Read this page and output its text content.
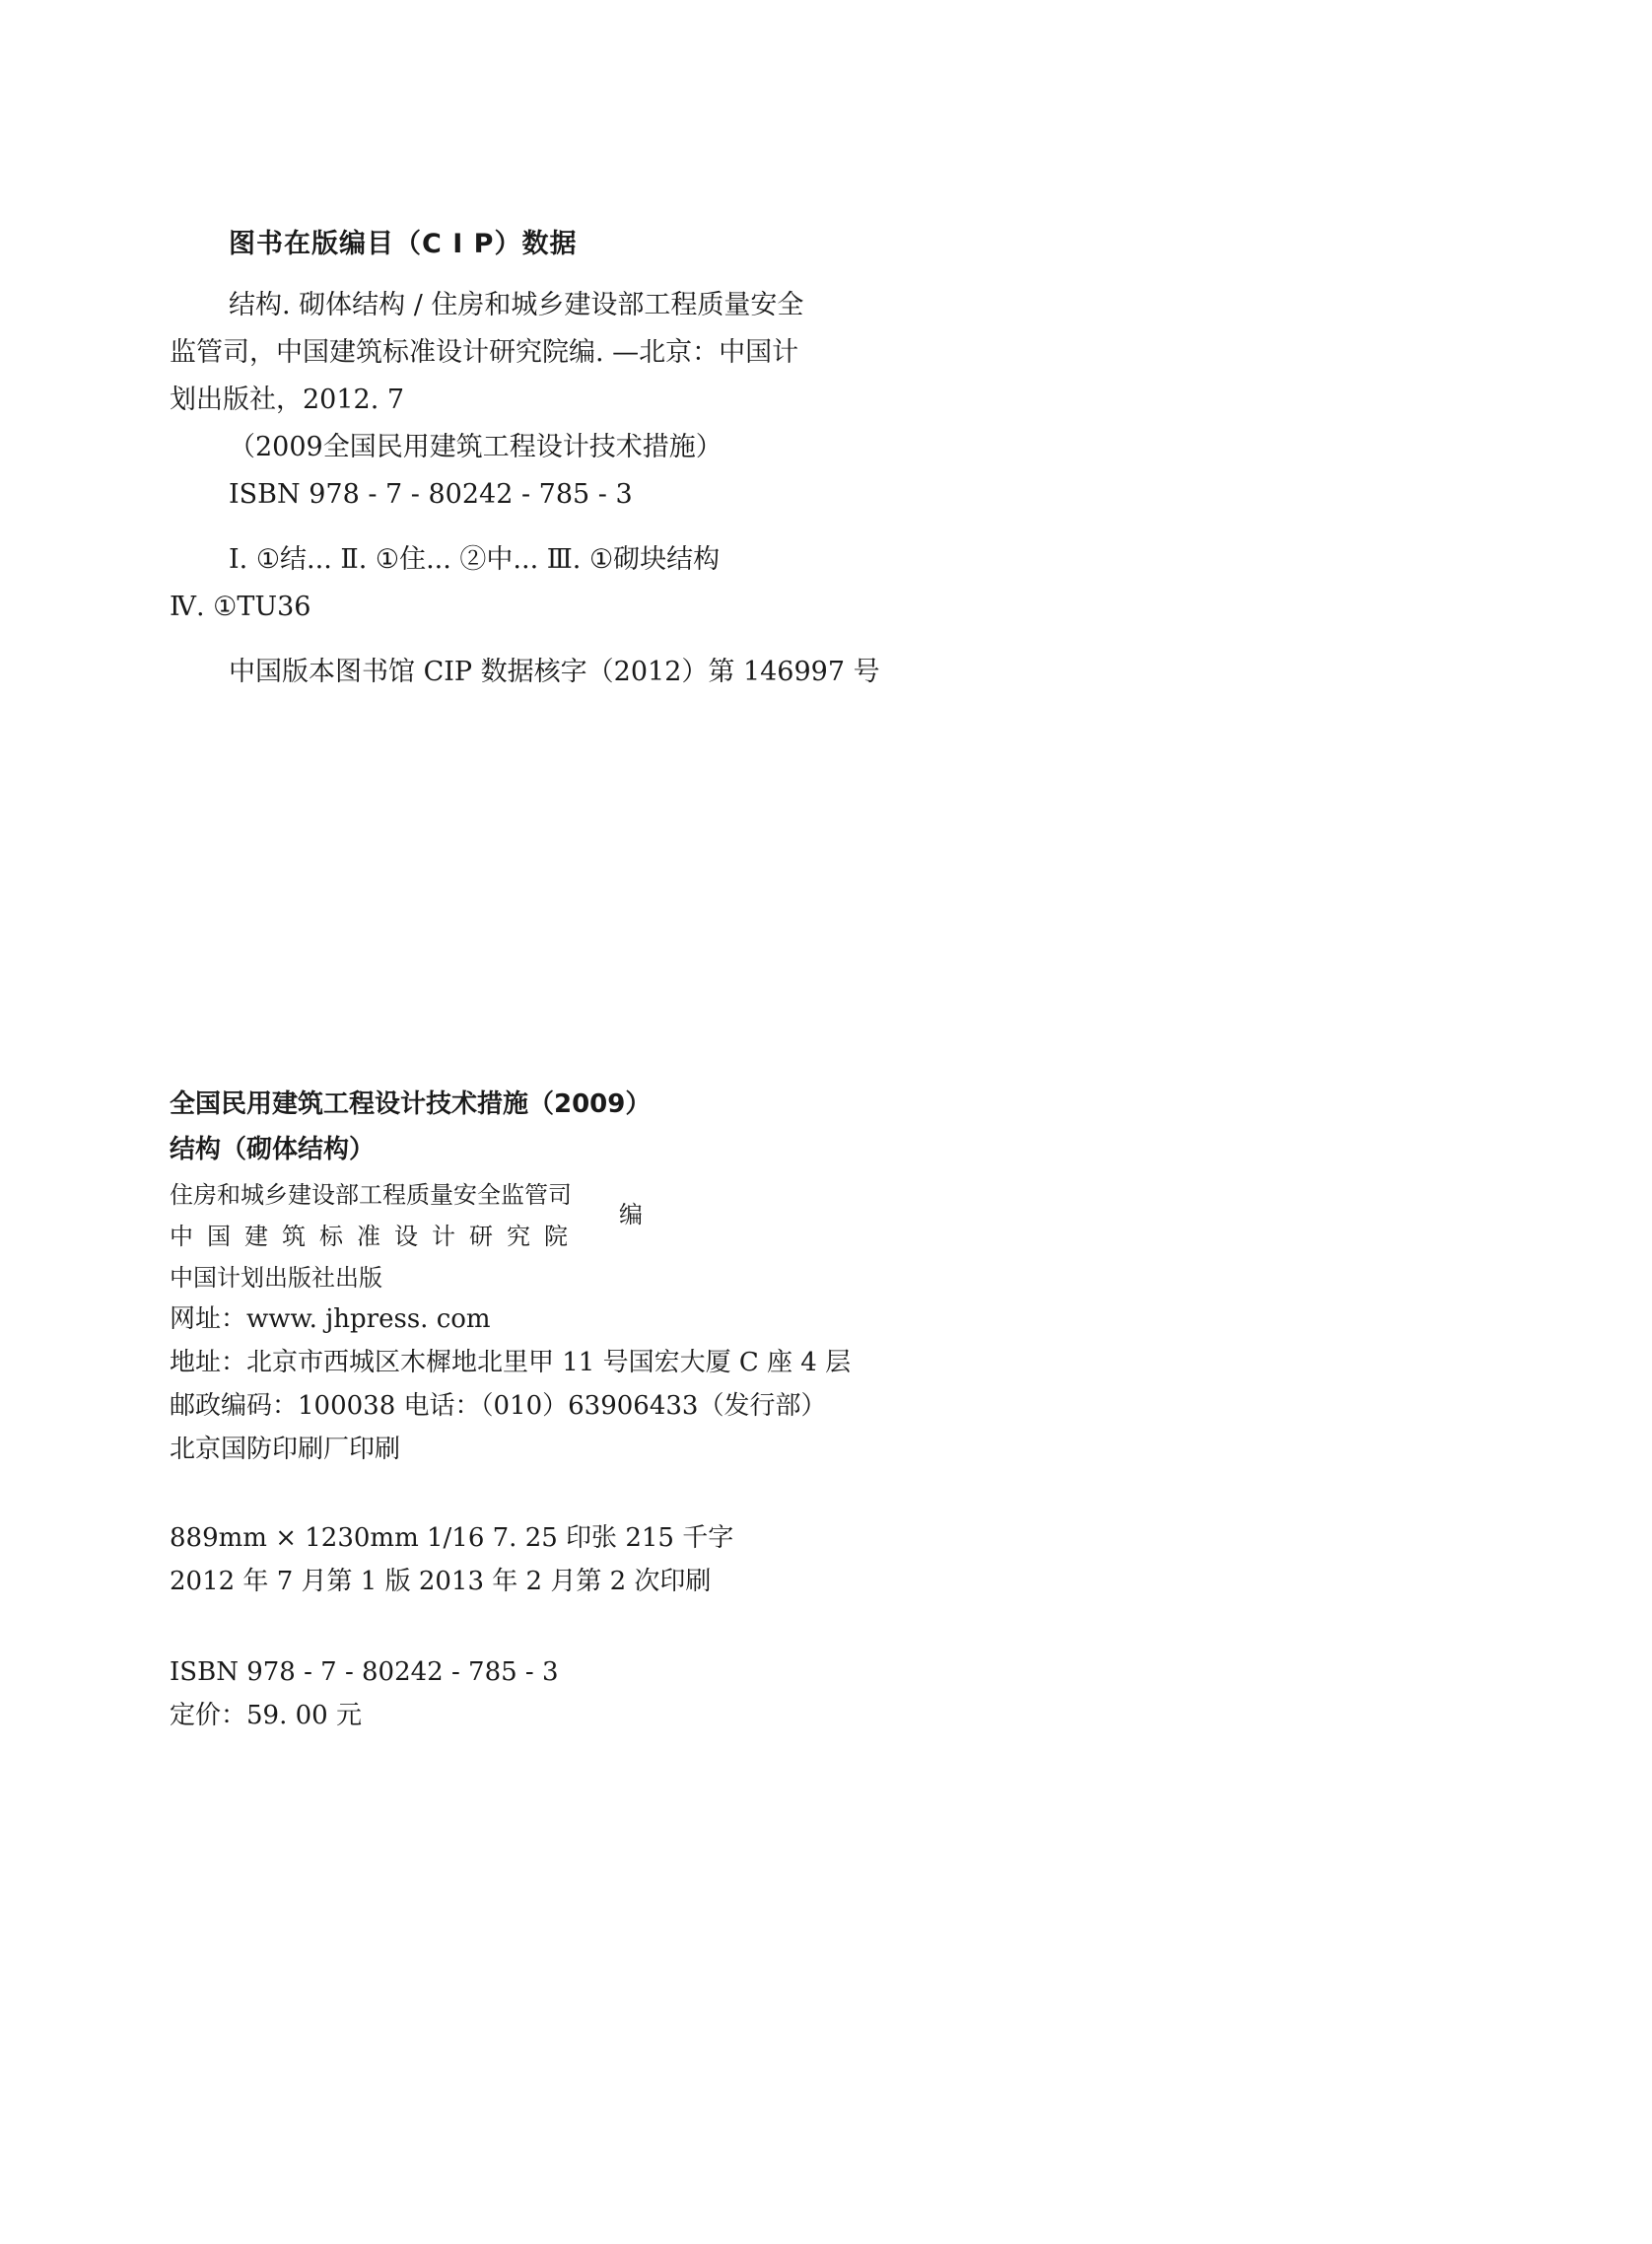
图书在版编目（C I P）数据
结构. 砌体结构 / 住房和城乡建设部工程质量安全
监管司，中国建筑标准设计研究院编. —北京：中国计
划出版社，2012. 7
（2009全国民用建筑工程设计技术措施）
ISBN 978 - 7 - 80242 - 785 - 3
Ⅰ. ①结... Ⅱ. ①住... ②中... Ⅲ. ①砌块结构
Ⅳ. ①TU36
中国版本图书馆 CIP 数据核字（2012）第 146997 号
全国民用建筑工程设计技术措施（2009）
结构（砌体结构）
住房和城乡建设部工程质量安全监管司
中国建筑标准设计研究院
编
中国计划出版社出版
网址：www. jhpress. com
地址：北京市西城区木樨地北里甲 11 号国宏大厦 C 座 4 层
邮政编码：100038 电话：（010）63906433（发行部）
北京国防印刷厂印刷
889mm × 1230mm 1/16 7. 25 印张 215 千字
2012 年 7 月第 1 版 2013 年 2 月第 2 次印刷
ISBN 978 - 7 - 80242 - 785 - 3
定价：59. 00 元
